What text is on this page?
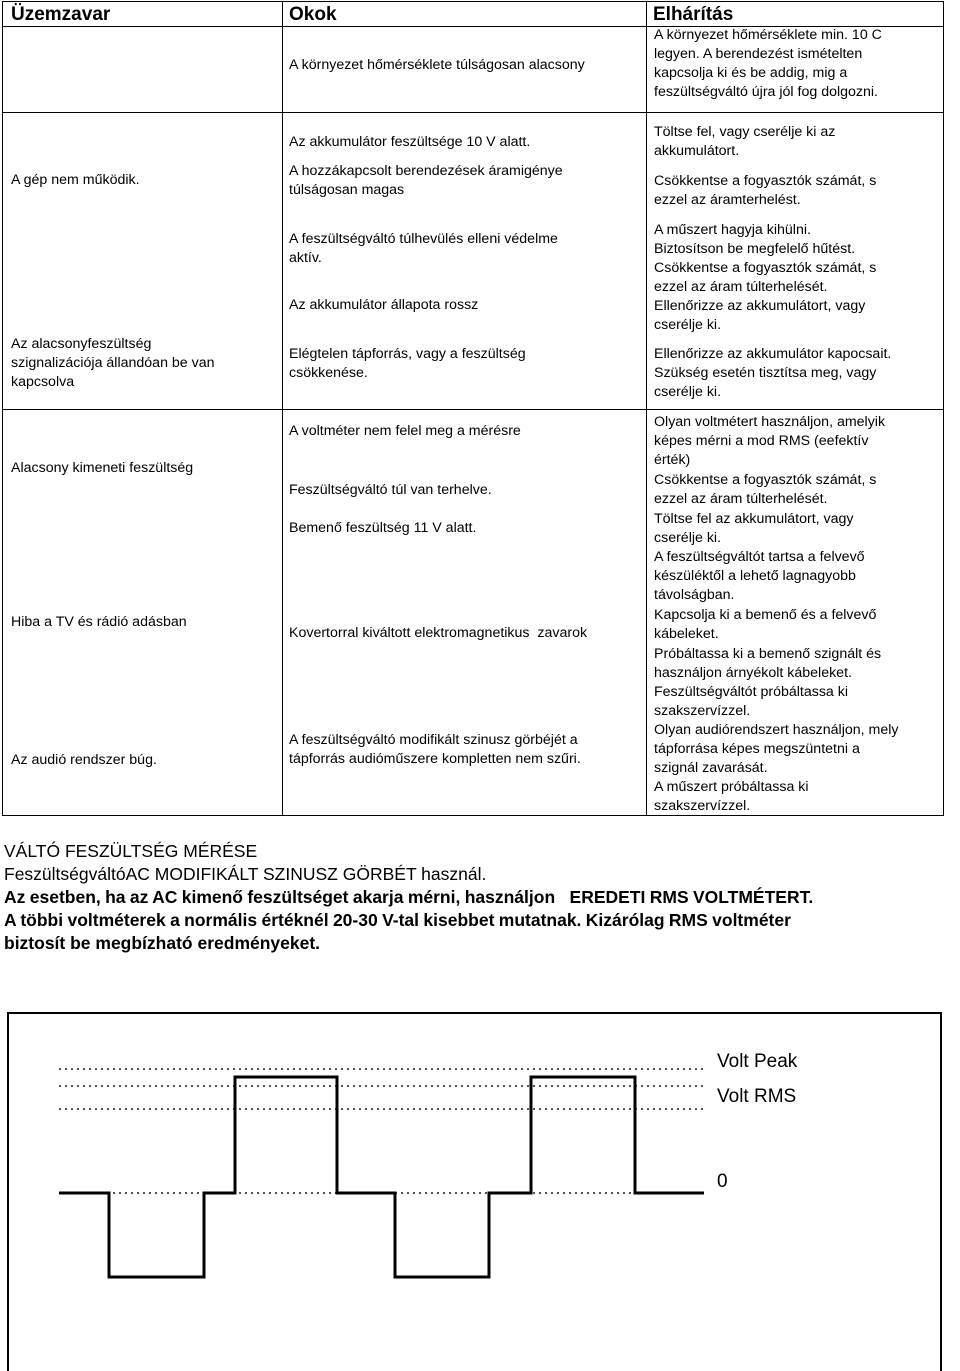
Üzemzavar	Okok	Elhárítás
A környezet hőmérséklete túlságosan alacsony
A környezet hőmérséklete min. 10 C
legyen. A berendezést ismételten
kapcsolja ki és be addig, mig a
feszültségváltó újra jól fog dolgozni.
A gép nem működik.
Az alacsonyfeszültség
szignalizációja állandóan be van
kapcsolva
Alacsony kimeneti feszültség
Hiba a TV és rádió adásban
Az audió rendszer búg.
Az akkumulátor feszültsége 10 V alatt.
A hozzákapcsolt berendezések áramigénye
túlságosan magas
A feszültségváltó túlhevülés elleni védelme
aktív.
Az akkumulátor állapota rossz
Elégtelen tápforrás, vagy a feszültség
csökkenése.
A voltméter nem felel meg a mérésre
Feszültségváltó túl van terhelve.
Bemenő feszültség 11 V alatt.
Kovertorral kiváltott elektromagnetikus  zavarok
A feszültségváltó modifikált szinusz görbéjét a
tápforrás audióműszere kompletten nem szűri.
Töltse fel, vagy cserélje ki az
akkumulátort.
Csökkentse a fogyasztók számát, s
ezzel az áramterhelést.
A műszert hagyja kihülni.
Biztosítson be megfelelő hűtést.
Csökkentse a fogyasztók számát, s
ezzel az áram túlterhelését.
Ellenőrizze az akkumulátort, vagy
cserélje ki.
Ellenőrizze az akkumulátor kapocsait.
Szükség esetén tisztítsa meg, vagy
cserélje ki.
Olyan voltmétert használjon, amelyik
képes mérni a mod RMS (eefektív
érték)
Csökkentse a fogyasztók számát, s
ezzel az áram túlterhelését.
Töltse fel az akkumulátort, vagy
cserélje ki.
A feszültségváltót tartsa a felvevő
készüléktől a lehető lagnagyobb
távolságban.
Kapcsolja ki a bemenő és a felvevő
kábeleket.
Próbáltassa ki a bemenő szignált és
használjon árnyékolt kábeleket.
Feszültségváltót próbáltassa ki
szakszervízzel.
Olyan audiórendszert használjon, mely
tápforrása képes megszüntetni a
szignál zavarását.
A műszert próbáltassa ki
szakszervízzel.
VÁLTÓ FESZÜLTSÉG MÉRÉSE
FeszültségváltóAC MODIFIKÁLT SZINUSZ GÖRBÉT használ.
Az esetben, ha az AC kimenő feszültséget akarja mérni, használjon EREDETI RMS VOLTMÉTERT.
A többi voltméterek a normális értéknél 20-30 V-tal kisebbet mutatnak. Kizárólag RMS voltméter
biztosít be megbízható eredményeket.
Volt Peak
Volt RMS
0
